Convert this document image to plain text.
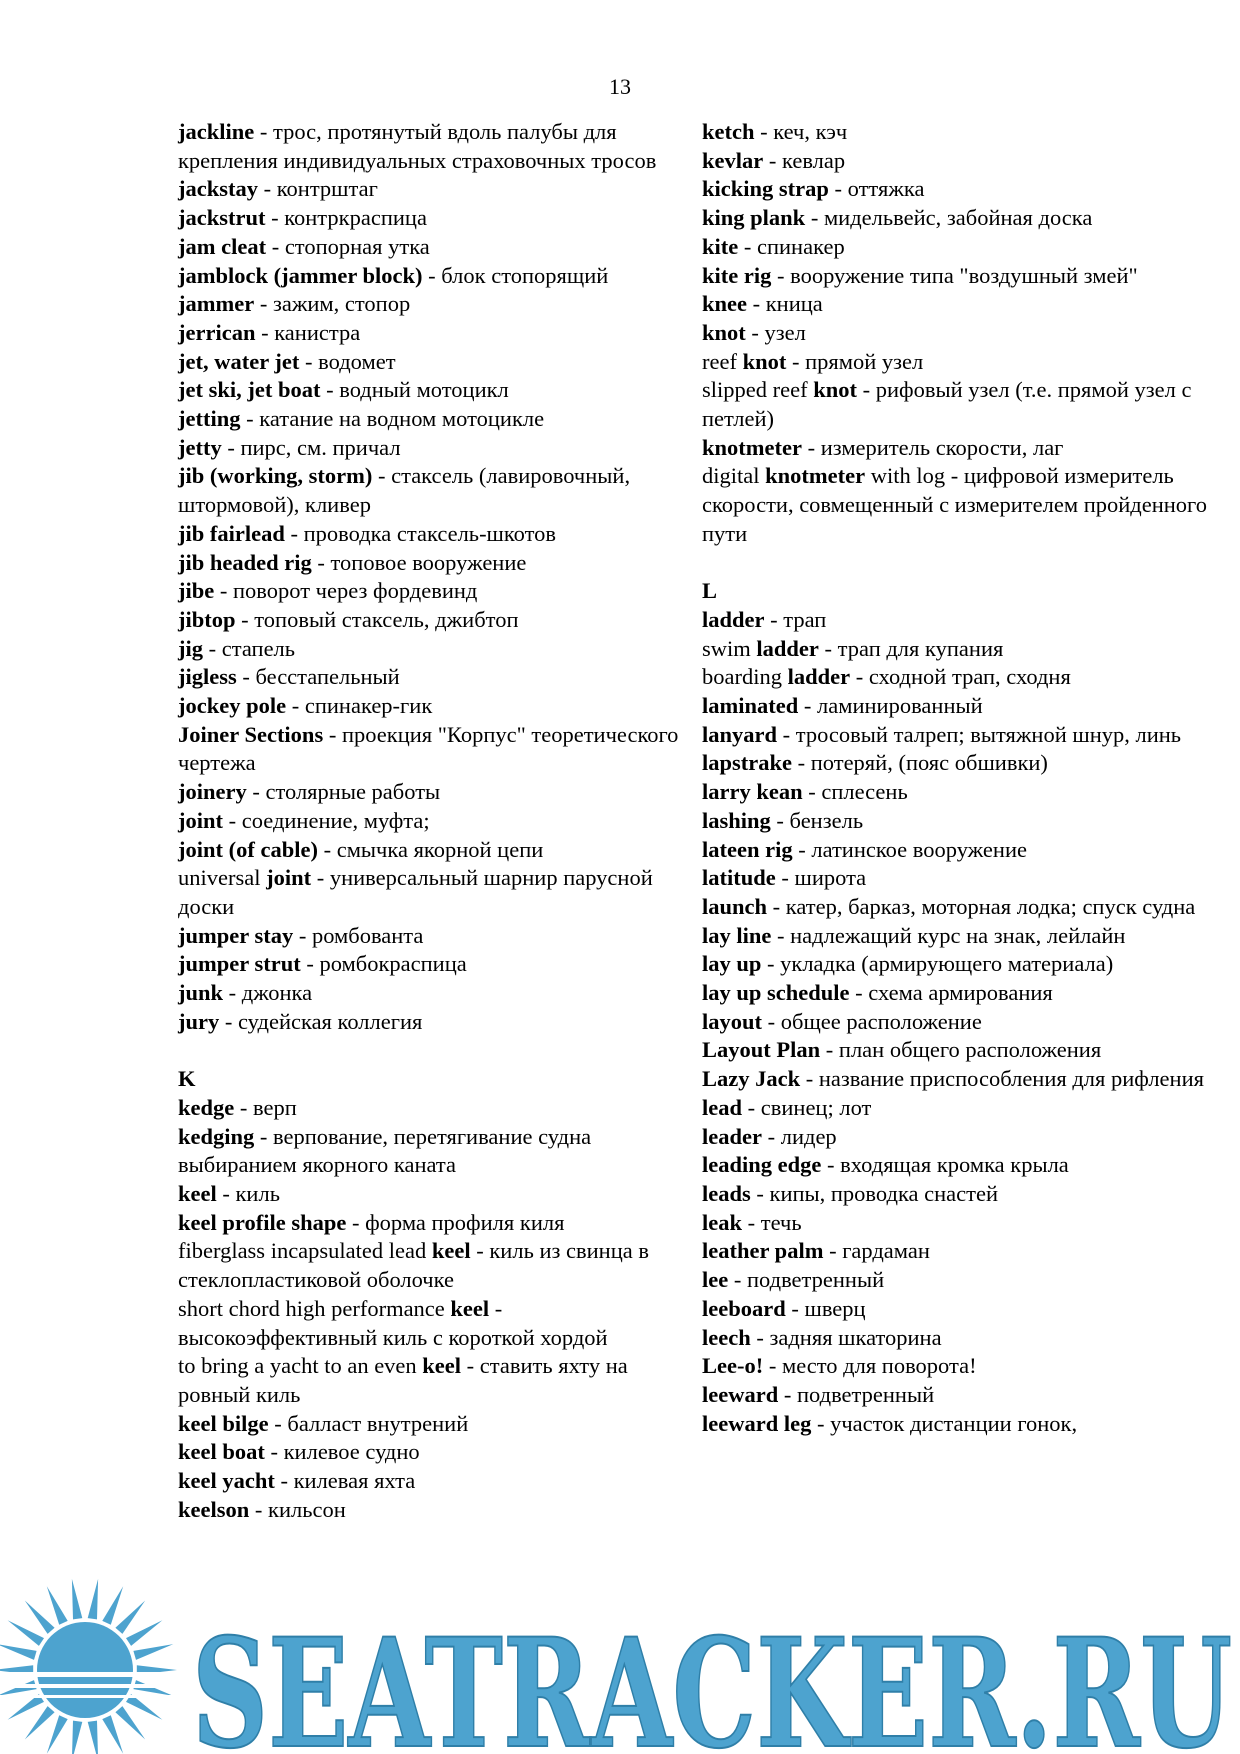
13
jackline - трос, протянутый вдоль палубы для крепления индивидуальных страховочных тросов
jackstay - контрштаг
jackstrut - контркраспица
jam cleat - стопорная утка
jamblock (jammer block) - блок стопорящий
jammer - зажим, стопор
jerrican - канистра
jet, water jet - водомет
jet ski, jet boat - водный мотоцикл
jetting - катание на водном мотоцикле
jetty - пирс, см. причал
jib (working, storm) - стаксель (лавировочный, штормовой), кливер
jib fairlead - проводка стаксель-шкотов
jib headed rig - топовое вооружение
jibe - поворот через фордевинд
jibtop - топовый стаксель, джибтоп
jig - стапель
jigless - бесстапельный
jockey pole - спинакер-гик
Joiner Sections - проекция "Корпус" теоретического чертежа
joinery - столярные работы
joint - соединение, муфта;
joint (of cable) - смычка якорной цепи
universal joint - универсальный шарнир парусной доски
jumper stay - ромбованта
jumper strut - ромбокраспица
junk - джонка
jury - судейская коллегия
K
kedge - верп
kedging - верпование, перетягивание судна выбиранием якорного каната
keel - киль
keel profile shape - форма профиля киля
fiberglass incapsulated lead keel - киль из свинца в стеклопластиковой оболочке
short chord high performance keel - высокоэффективный киль с короткой хордой
to bring a yacht to an even keel - ставить яхту на ровный киль
keel bilge - балласт внутрений
keel boat - килевое судно
keel yacht - килевая яхта
keelson - кильсон
ketch - кеч, кэч
kevlar - кевлар
kicking strap - оттяжка
king plank - мидельвейс, забойная доска
kite - спинакер
kite rig - вооружение типа "воздушный змей"
knee - кница
knot - узел
reef knot - прямой узел
slipped reef knot - рифовый узел (т.е. прямой узел с петлей)
knotmeter - измеритель скорости, лаг
digital knotmeter with log - цифровой измеритель скорости, совмещенный с измерителем пройденного пути
L
ladder - трап
swim ladder - трап для купания
boarding ladder - сходной трап, сходня
laminated - ламинированный
lanyard - тросовый талреп; вытяжной шнур, линь
lapstrake - потеряй, (пояс обшивки)
larry kean - сплесень
lashing - бензель
lateen rig - латинское вооружение
latitude - широта
launch - катер, барказ, моторная лодка; спуск судна
lay line - надлежащий курс на знак, лейлайн
lay up - укладка (армирующего материала)
lay up schedule - схема армирования
layout - общее расположение
Layout Plan - план общего расположения
Lazy Jack - название приспособления для рифления
lead - свинец; лот
leader - лидер
leading edge - входящая кромка крыла
leads - кипы, проводка снастей
leak - течь
leather palm - гардаман
lee - подветренный
leeboard - шверц
leech - задняя шкаторина
Lee-o! - место для поворота!
leeward - подветренный
leeward leg - участок дистанции гонок,
SEATRACKER.RU
